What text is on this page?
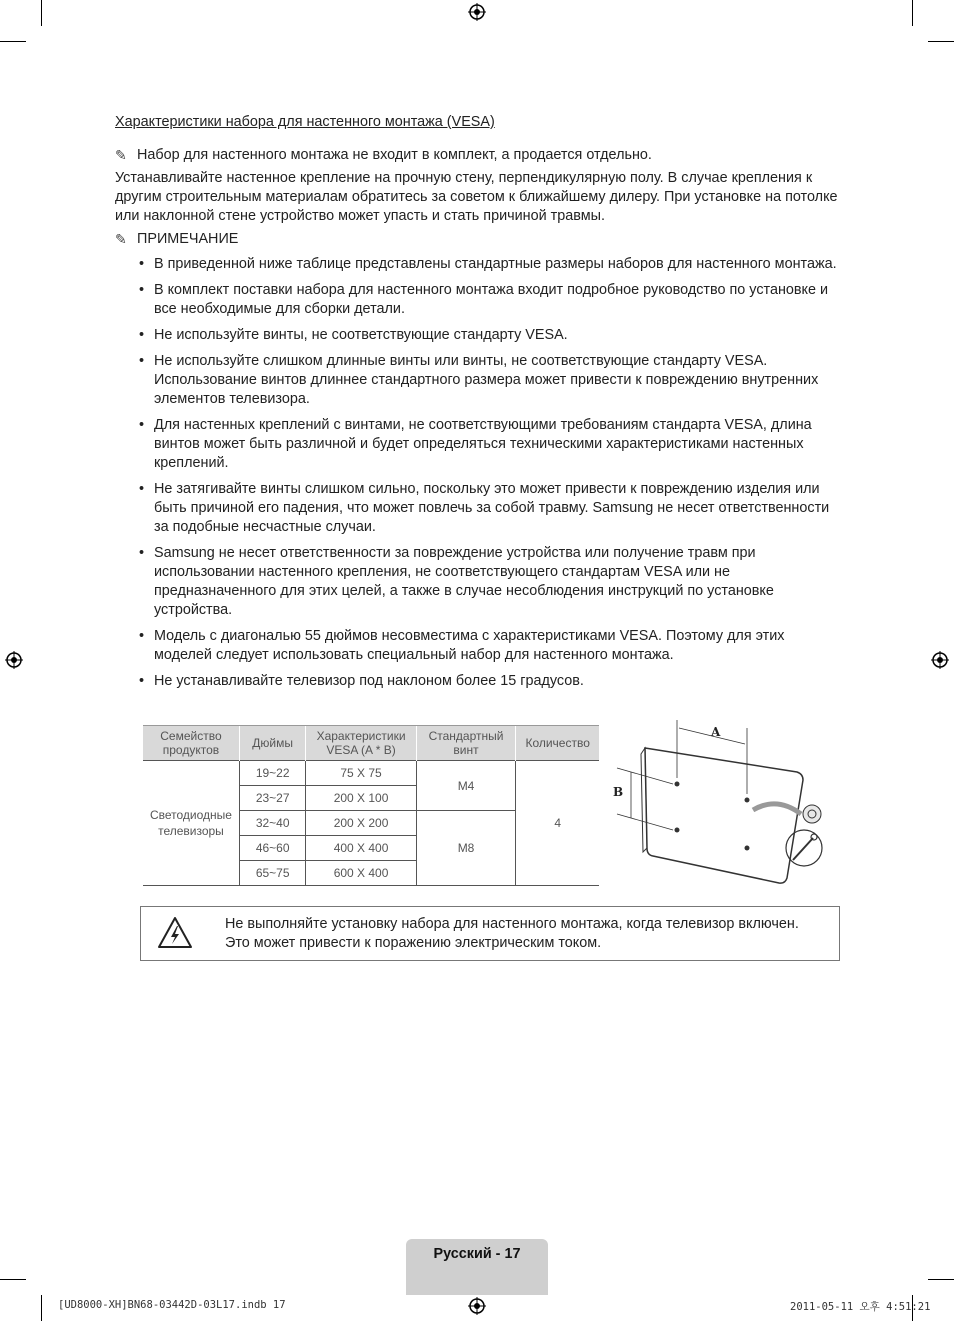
Характеристики набора для настенного монтажа (VESA)
✎ Набор для настенного монтажа не входит в комплект, а продается отдельно.

Устанавливайте настенное крепление на прочную стену, перпендикулярную полу. В случае крепления к другим строительным материалам обратитесь за советом к ближайшему дилеру. При установке на потолке или наклонной стене устройство может упасть и стать причиной травмы.

✎ ПРИМЕЧАНИЕ
• В приведенной ниже таблице представлены стандартные размеры наборов для настенного монтажа.
• В комплект поставки набора для настенного монтажа входит подробное руководство по установке и все необходимые для сборки детали.
• Не используйте винты, не соответствующие стандарту VESA.
• Не используйте слишком длинные винты или винты, не соответствующие стандарту VESA. Использование винтов длиннее стандартного размера может привести к повреждению внутренних элементов телевизора.
• Для настенных креплений с винтами, не соответствующими требованиям стандарта VESA, длина винтов может быть различной и будет определяться техническими характеристиками настенных креплений.
• Не затягивайте винты слишком сильно, поскольку это может привести к повреждению изделия или быть причиной его падения, что может повлечь за собой травму. Samsung не несет ответственности за подобные несчастные случаи.
• Samsung не несет ответственности за повреждение устройства или получение травм при использовании настенного крепления, не соответствующего стандартам VESA или не предназначенного для этих целей, а также в случае несоблюдения инструкций по установке устройства.
• Модель с диагональю 55 дюймов несовместима с характеристиками VESA. Поэтому для этих моделей следует использовать специальный набор для настенного монтажа.
• Не устанавливайте телевизор под наклоном более 15 градусов.
Семейство продуктов	Дюймы	Характеристики VESA (A * B)	Стандартный винт	Количество
Светодиодные телевизоры	19~22	75 X 75	M4	4
	23~27	200 X 100		
	32~40	200 X 200	M8	
	46~60	400 X 400		
	65~75	600 X 400		
A
B
Не выполняйте установку набора для настенного монтажа, когда телевизор включен.
Это может привести к поражению электрическим током.
Русский - 17
[UD8000-XH]BN68-03442D-03L17.indb 17	2011-05-11 오후 4:51:21
